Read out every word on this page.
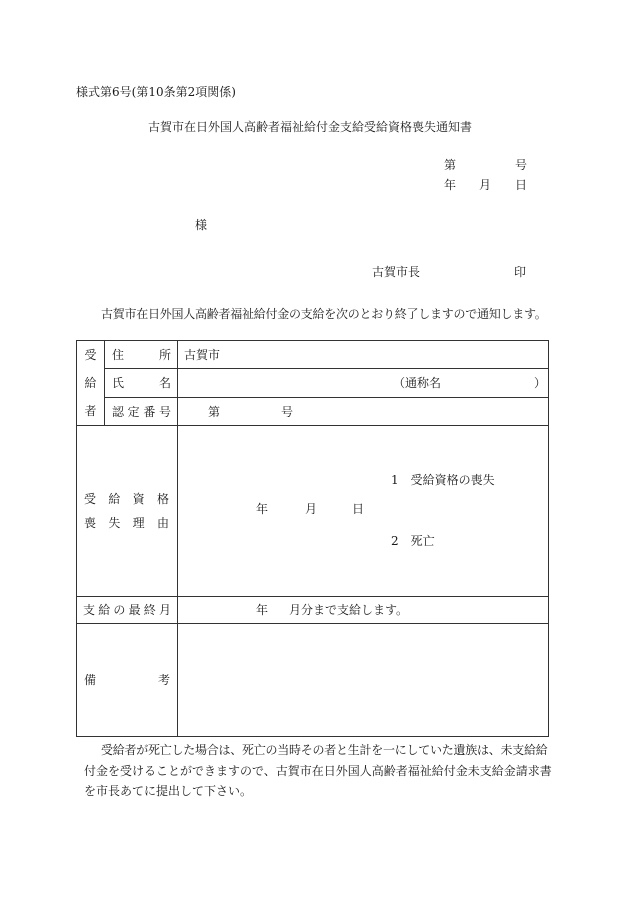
様式第6号(第10条第2項関係)
古賀市在日外国人高齢者福祉給付金支給受給資格喪失通知書
第	号
年 月 日
様
古賀市長	印
古賀市在日外国人高齢者福祉給付金の支給を次のとおり終了しますので通知します。
受
給
者
住	所 古賀市
氏	名	（通称名	）
認 定 番 号	第	号
受 給 資 格
喪 失 理 由
1　受給資格の喪失
年	月	日
2　死亡
支 給 の 最 終 月	年 月分まで支給します。
備	考
受給者が死亡した場合は、死亡の当時その者と生計を一にしていた遺族は、未支給給
付金を受けることができますので、古賀市在日外国人高齢者福祉給付金未支給金請求書
を市長あてに提出して下さい。
